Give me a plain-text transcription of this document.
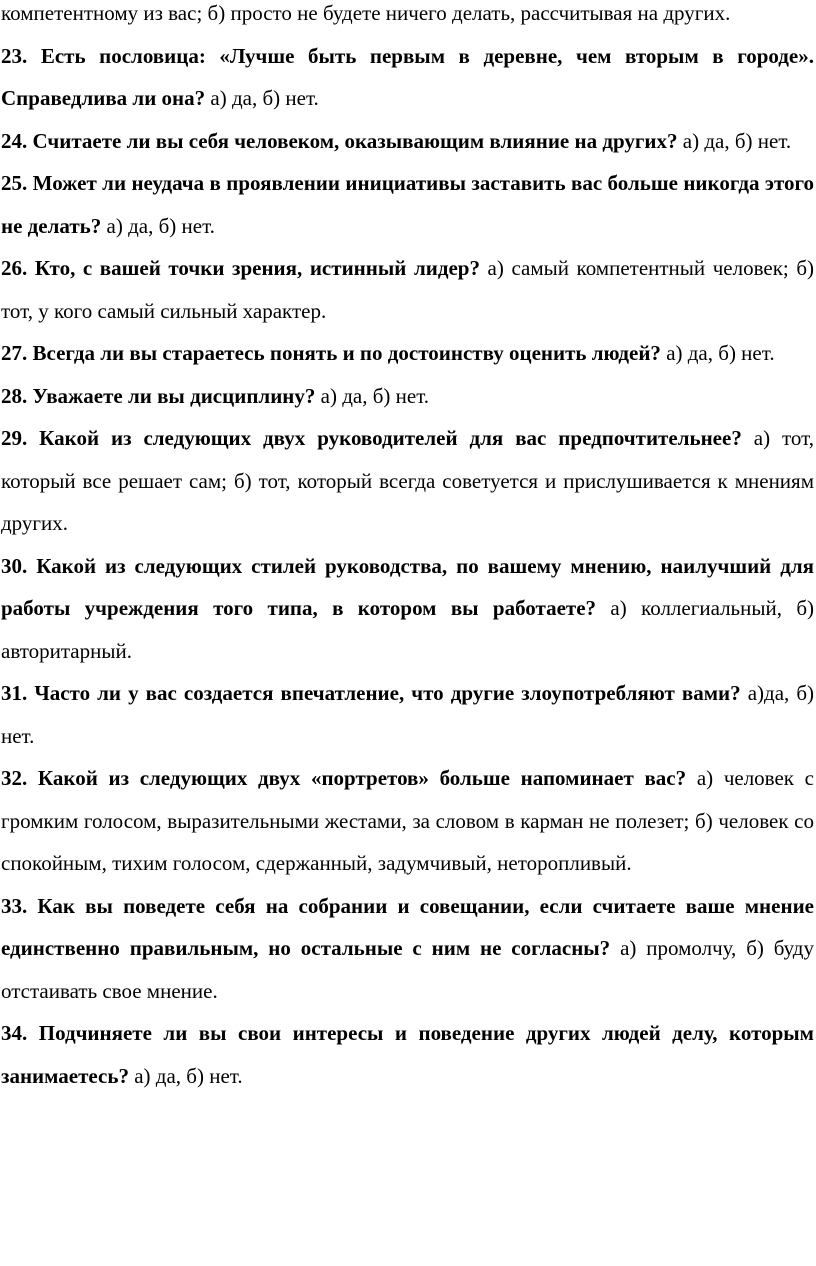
компетентному из вас; б) просто не будете ничего делать, рассчитывая на других.

23. Есть пословица: «Лучше быть первым в деревне, чем вторым в городе». Справедлива ли она? а) да, б) нет.

24. Считаете ли вы себя человеком, оказывающим влияние на других? а) да, б) нет.

25. Может ли неудача в проявлении инициативы заставить вас больше никогда этого не делать? а) да, б) нет.

26. Кто, с вашей точки зрения, истинный лидер? а) самый компетентный человек; б) тот, у кого самый сильный характер.

27. Всегда ли вы стараетесь понять и по достоинству оценить людей? а) да, б) нет.

28. Уважаете ли вы дисциплину? а) да, б) нет.

29. Какой из следующих двух руководителей для вас предпочтительнее? а) тот, который все решает сам; б) тот, который всегда советуется и прислушивается к мнениям других.

30. Какой из следующих стилей руководства, по вашему мнению, наилучший для работы учреждения того типа, в котором вы работаете? а) коллегиальный, б) авторитарный.

31. Часто ли у вас создается впечатление, что другие злоупотребляют вами? а)да, б) нет.

32. Какой из следующих двух «портретов» больше напоминает вас? а) человек с громким голосом, выразительными жестами, за словом в карман не полезет; б) человек со спокойным, тихим голосом, сдержанный, задумчивый, неторопливый.

33. Как вы поведете себя на собрании и совещании, если считаете ваше мнение единственно правильным, но остальные с ним не согласны? а) промолчу, б) буду отстаивать свое мнение.

34. Подчиняете ли вы свои интересы и поведение других людей делу, которым занимаетесь? а) да, б) нет.
